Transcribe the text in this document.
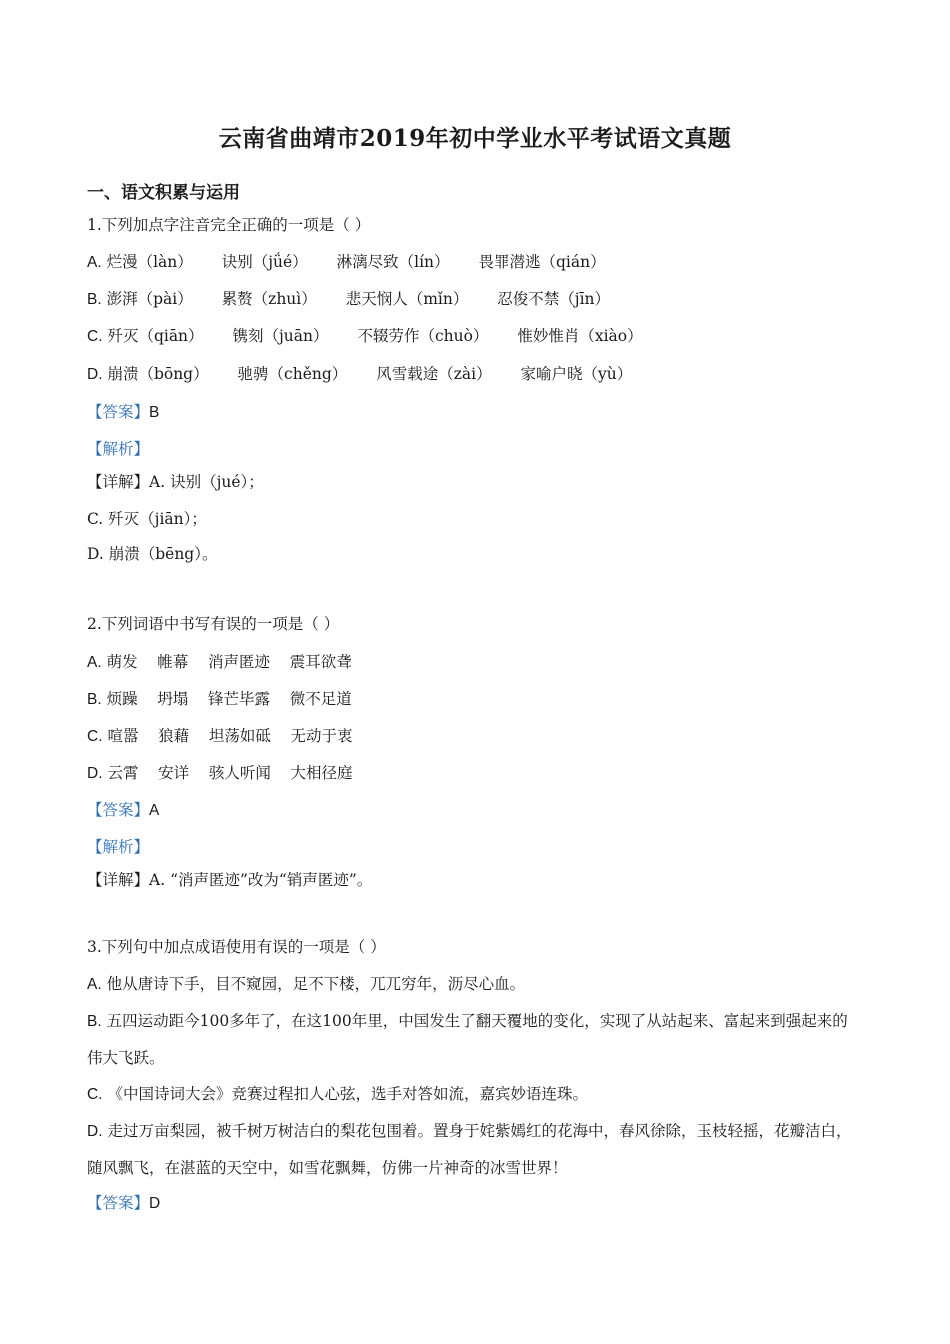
云南省曲靖市2019年初中学业水平考试语文真题
一、语文积累与运用
1.下列加点字注音完全正确的一项是（ ）
A. 烂漫（làn） 诀别（jǘé） 淋漓尽致（lín） 畏罪潜逃（qián）
B. 澎湃（pài） 累赘（zhuì） 悲天悯人（mǐn） 忍俊不禁（jīn）
C. 歼灭（qiān） 镌刻（juān） 不辍劳作（chuò） 惟妙惟肖（xiào）
D. 崩溃（bōng） 驰骋（chěng） 风雪载途（zài） 家喻户晓（yù）
【答案】B
【解析】
【详解】A. 诀别（jué）；
C. 歼灭（jiān）；
D. 崩溃（bēng）。
2.下列词语中书写有误的一项是（ ）
A. 萌发    帷幕    消声匿迹    震耳欲聋
B. 烦躁    坍塌    锋芒毕露    微不足道
C. 喧嚣    狼藉    坦荡如砥    无动于衷
D. 云霄    安详    骇人听闻    大相径庭
【答案】A
【解析】
【详解】A. “消声匿迹”改为“销声匿迹”。
3.下列句中加点成语使用有误的一项是（ ）
A. 他从唐诗下手，目不窥园，足不下楼，兀兀穷年，沥尽心血。
B. 五四运动距今100多年了，在这100年里，中国发生了翻天覆地的变化，实现了从站起来、富起来到强起来的伟大飞跃。
C. 《中国诗词大会》竞赛过程扣人心弦，选手对答如流，嘉宾妙语连珠。
D. 走过万亩梨园，被千树万树洁白的梨花包围着。置身于姹紫嫣红的花海中，春风徐除，玉枝轻摇，花瓣洁白，随风飘飞，在湛蓝的天空中，如雪花飘舞，仿佛一片神奇的冰雪世界！
【答案】D
